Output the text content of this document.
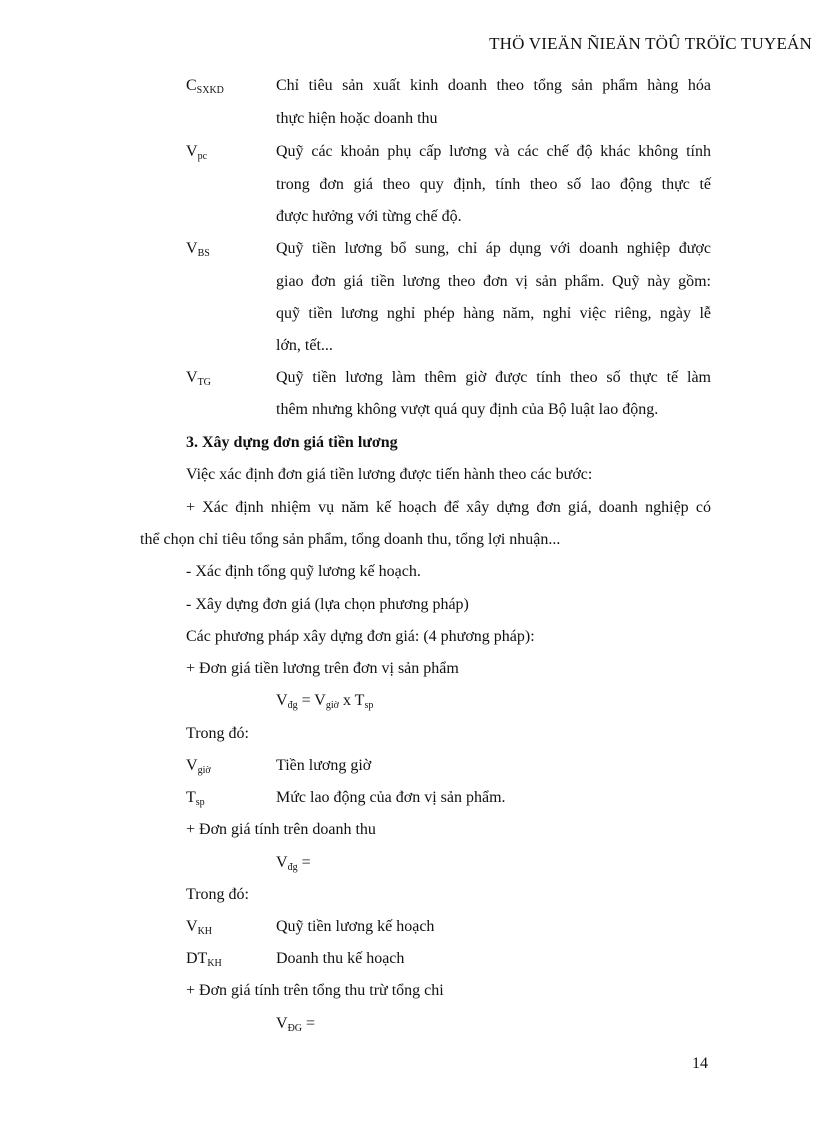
THÖ VIEÄN ÑIEÄN TÖÛ TRÖÏC TUYEÁN
$C_{SXKD}$	Chỉ tiêu sản xuất kinh doanh theo tổng sản phẩm hàng hóa
thực hiện hoặc doanh thu
$V_{pc}$	Quỹ các khoản phụ cấp lương và các chế độ khác không tính
trong đơn giá theo quy định, tính theo số lao động thực tế
được hưởng với từng chế độ.
$V_{BS}$	Quỹ tiền lương bổ sung, chỉ áp dụng với doanh nghiệp được
giao đơn giá tiền lương theo đơn vị sản phẩm. Quỹ này gồm:
quỹ tiền lương nghỉ phép hàng năm, nghỉ việc riêng, ngày lễ
lớn, tết...
$V_{TG}$	Quỹ tiền lương làm thêm giờ được tính theo số thực tế làm
thêm nhưng không vượt quá quy định của Bộ luật lao động.
3. Xây dựng đơn giá tiền lương
Việc xác định đơn giá tiền lương được tiến hành theo các bước:
+ Xác định nhiệm vụ năm kế hoạch để xây dựng đơn giá, doanh nghiệp có
thể chọn chỉ tiêu tổng sản phẩm, tổng doanh thu, tổng lợi nhuận...
- Xác định tổng quỹ lương kế hoạch.
- Xây dựng đơn giá (lựa chọn phương pháp)
Các phương pháp xây dựng đơn giá: (4 phương pháp):
+ Đơn giá tiền lương trên đơn vị sản phẩm
$V_{đg} = V_{giờ}$ x $T_{sp}$
Trong đó:
$V_{giờ}$	Tiền lương giờ
$T_{sp}$	Mức lao động của đơn vị sản phẩm.
+ Đơn giá tính trên doanh thu
$V_{đg}$ =
Trong đó:
$V_{KH}$	Quỹ tiền lương kế hoạch
$DT_{KH}$	Doanh thu kế hoạch
+ Đơn giá tính trên tổng thu trừ tổng chi
$V_{ĐG}$ =
14
